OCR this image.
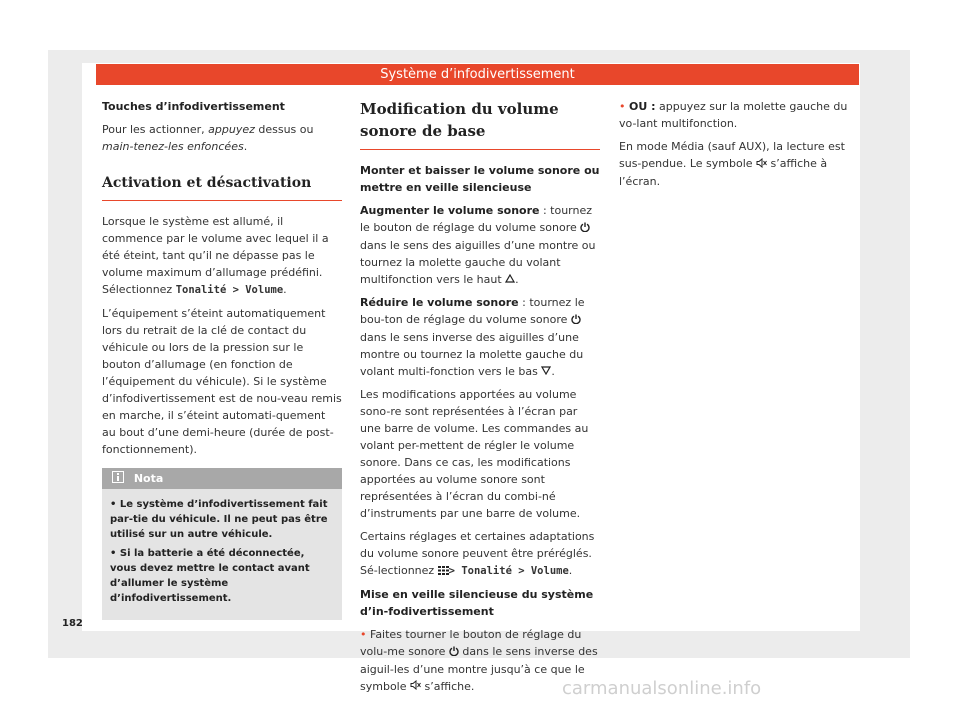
Système d’infodivertissement

Touches d’infodivertissement

Pour les actionner, appuyez dessus ou main-tenez-les enfoncées.

Activation et désactivation

Lorsque le système est allumé, il commence par le volume avec lequel il a été éteint, tant qu’il ne dépasse pas le volume maximum d’allumage prédéfini. Sélectionnez Tonalité > Volume.

L’équipement s’éteint automatiquement lors du retrait de la clé de contact du véhicule ou lors de la pression sur le bouton d’allumage (en fonction de l’équipement du véhicule). Si le système d’infodivertissement est de nou-veau remis en marche, il s’éteint automati-quement au bout d’une demi-heure (durée de post-fonctionnement).

Nota

• Le système d’infodivertissement fait par-tie du véhicule. Il ne peut pas être utilisé sur un autre véhicule.

• Si la batterie a été déconnectée, vous devez mettre le contact avant d’allumer le système d’infodivertissement.

Modification du volume sonore de base

Monter et baisser le volume sonore ou mettre en veille silencieuse

Augmenter le volume sonore : tournez le bouton de réglage du volume sonore  dans le sens des aiguilles d’une montre ou tournez la molette gauche du volant multifonction vers le haut .

Réduire le volume sonore : tournez le bou-ton de réglage du volume sonore  dans le sens inverse des aiguilles d’une montre ou tournez la molette gauche du volant multi-fonction vers le bas .

Les modifications apportées au volume sono-re sont représentées à l’écran par une barre de volume. Les commandes au volant per-mettent de régler le volume sonore. Dans ce cas, les modifications apportées au volume sonore sont représentées à l’écran du combi-né d’instruments par une barre de volume.

Certains réglages et certaines adaptations du volume sonore peuvent être préréglés. Sé-lectionnez > Tonalité > Volume.

Mise en veille silencieuse du système d’in-fodivertissement

• Faites tourner le bouton de réglage du volu-me sonore  dans le sens inverse des aiguil-les d’une montre jusqu’à ce que le symbole  s’affiche.

• OU : appuyez sur la molette gauche du vo-lant multifonction.

En mode Média (sauf AUX), la lecture est sus-pendue. Le symbole  s’affiche à l’écran.

182
carmanualsonline.info
